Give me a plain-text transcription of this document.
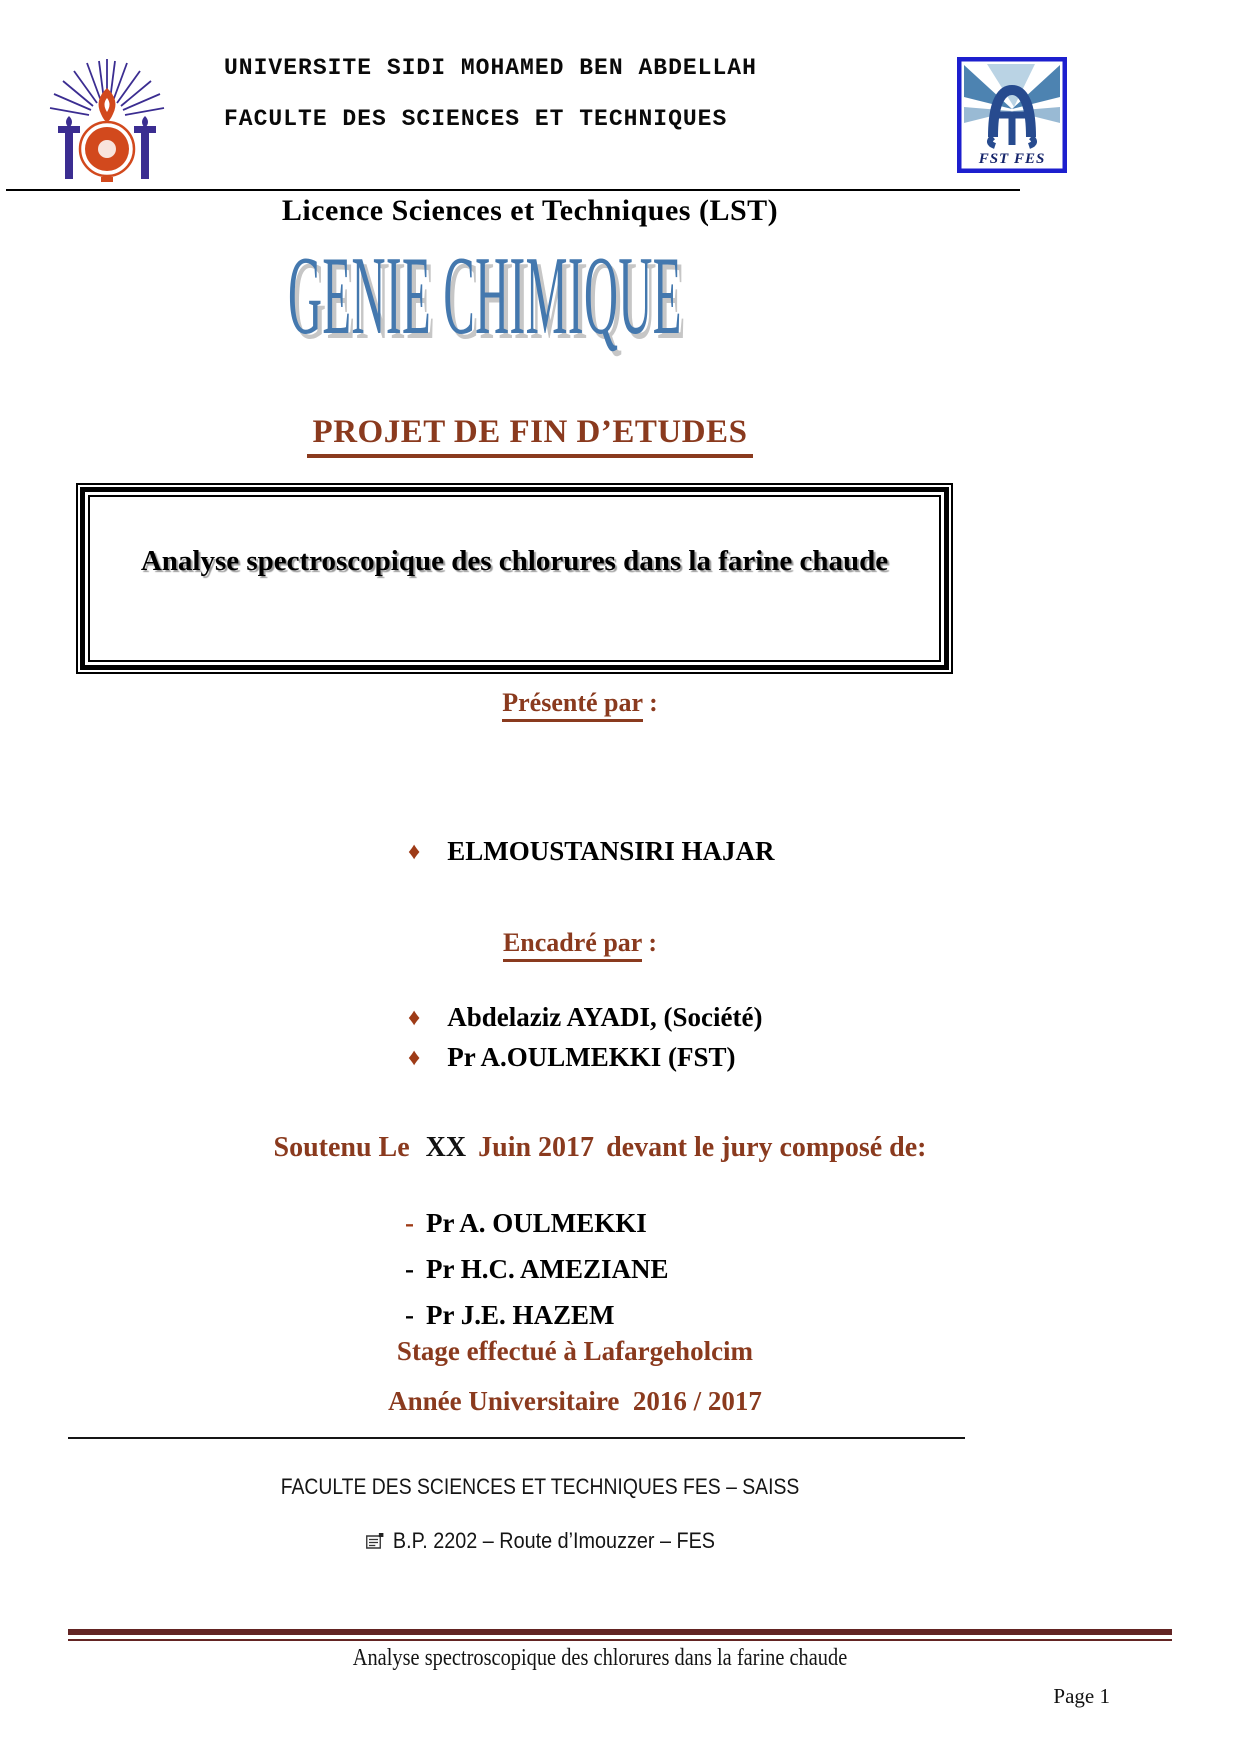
UNIVERSITE SIDI MOHAMED BEN ABDELLAH
FACULTE DES SCIENCES ET TECHNIQUES
FST FES
Licence Sciences et Techniques (LST)
GENIE CHIMIQUE
PROJET DE FIN D’ETUDES
Analyse spectroscopique des chlorures dans la farine chaude
Présenté par :
♦ ELMOUSTANSIRI HAJAR
Encadré par :
♦ Abdelaziz AYADI, (Société)
♦ Pr A.OULMEKKI (FST)
Soutenu Le XX Juin 2017 devant le jury composé de:
- Pr A. OULMEKKI
- Pr H.C. AMEZIANE
- Pr J.E. HAZEM
Stage effectué à Lafargeholcim
Année Universitaire  2016 / 2017
FACULTE DES SCIENCES ET TECHNIQUES FES – SAISS
B.P. 2202 – Route d’Imouzzer – FES
Analyse spectroscopique des chlorures dans la farine chaude
Page 1
